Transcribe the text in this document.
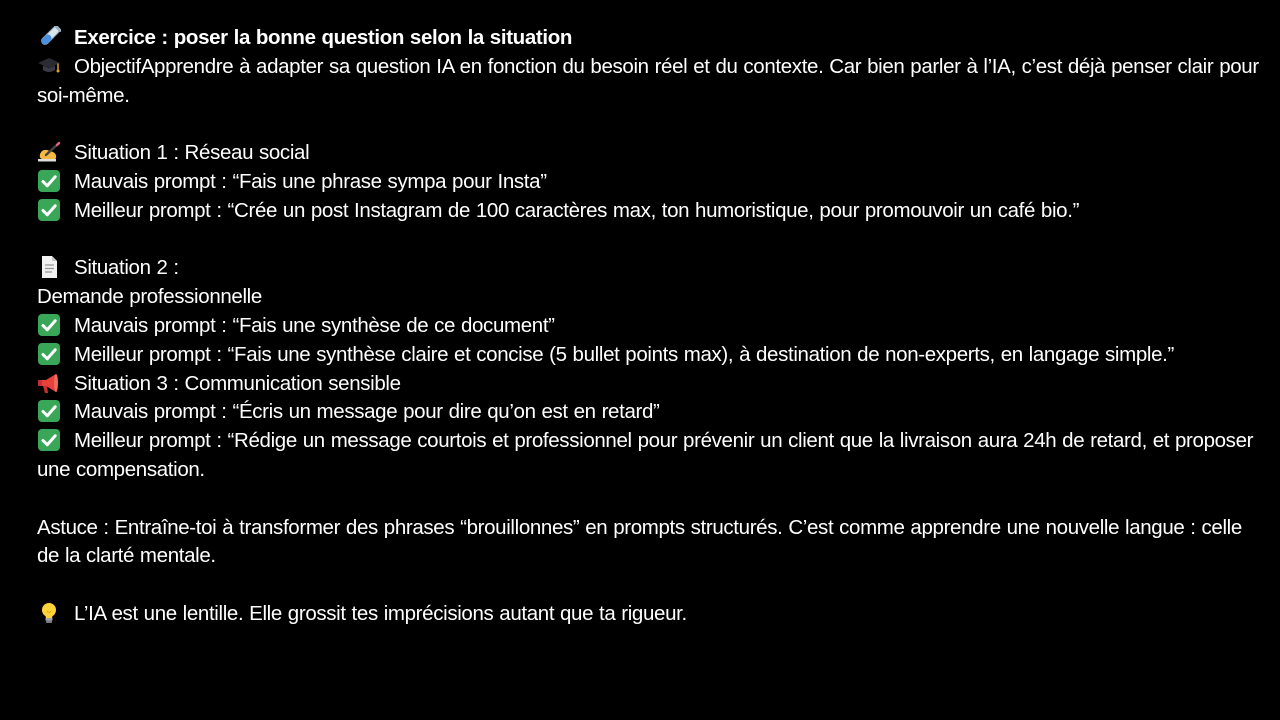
Exercice : poser la bonne question selon la situation
ObjectifApprendre à adapter sa question IA en fonction du besoin réel et du contexte. Car bien parler à l’IA, c’est déjà penser clair pour soi-même.
Situation 1 : Réseau social
Mauvais prompt : “Fais une phrase sympa pour Insta”
Meilleur prompt : “Crée un post Instagram de 100 caractères max, ton humoristique, pour promouvoir un café bio.”
Situation 2 :
Demande professionnelle
Mauvais prompt : “Fais une synthèse de ce document”
Meilleur prompt : “Fais une synthèse claire et concise (5 bullet points max), à destination de non-experts, en langage simple.”
Situation 3 : Communication sensible
Mauvais prompt : “Écris un message pour dire qu’on est en retard”
Meilleur prompt : “Rédige un message courtois et professionnel pour prévenir un client que la livraison aura 24h de retard, et proposer une compensation.
Astuce : Entraîne-toi à transformer des phrases “brouillonnes” en prompts structurés. C’est comme apprendre une nouvelle langue : celle de la clarté mentale.
L’IA est une lentille. Elle grossit tes imprécisions autant que ta rigueur.
